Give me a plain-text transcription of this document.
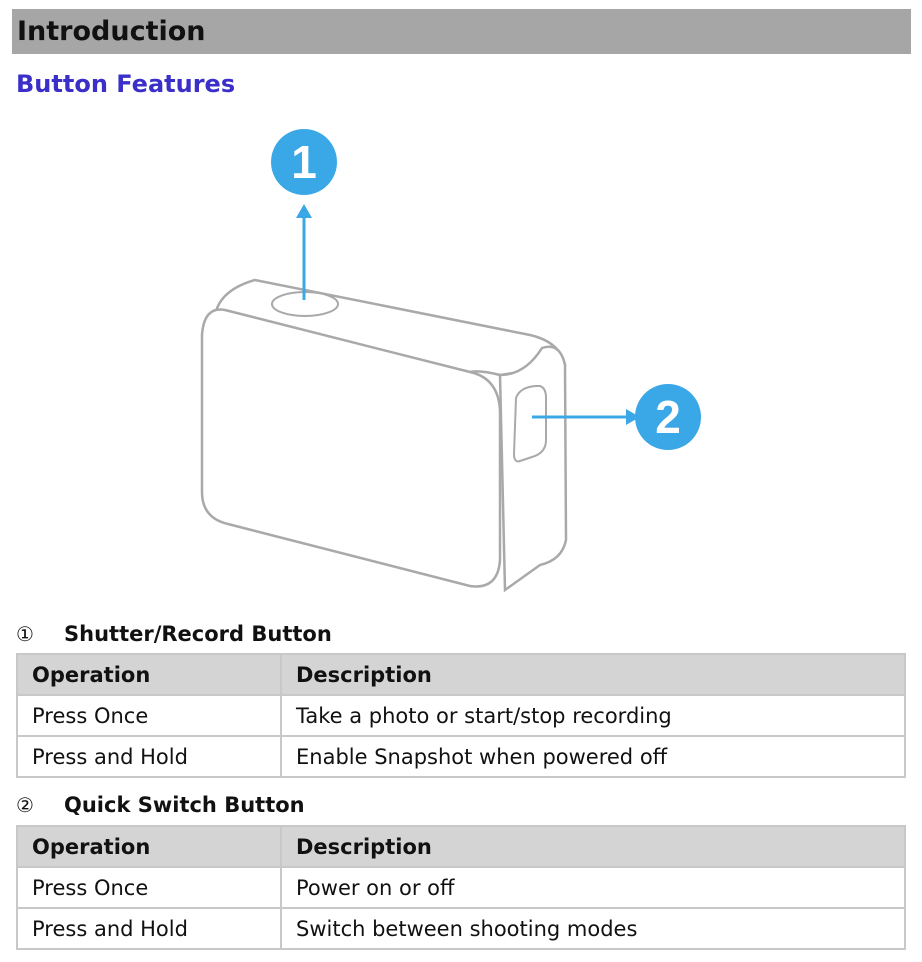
Introduction
Button Features
1
2
①	Shutter/Record Button
Operation	Description
Press Once	Take a photo or start/stop recording
Press and Hold	Enable Snapshot when powered off
②	Quick Switch Button
Operation	Description
Press Once	Power on or off
Press and Hold	Switch between shooting modes
